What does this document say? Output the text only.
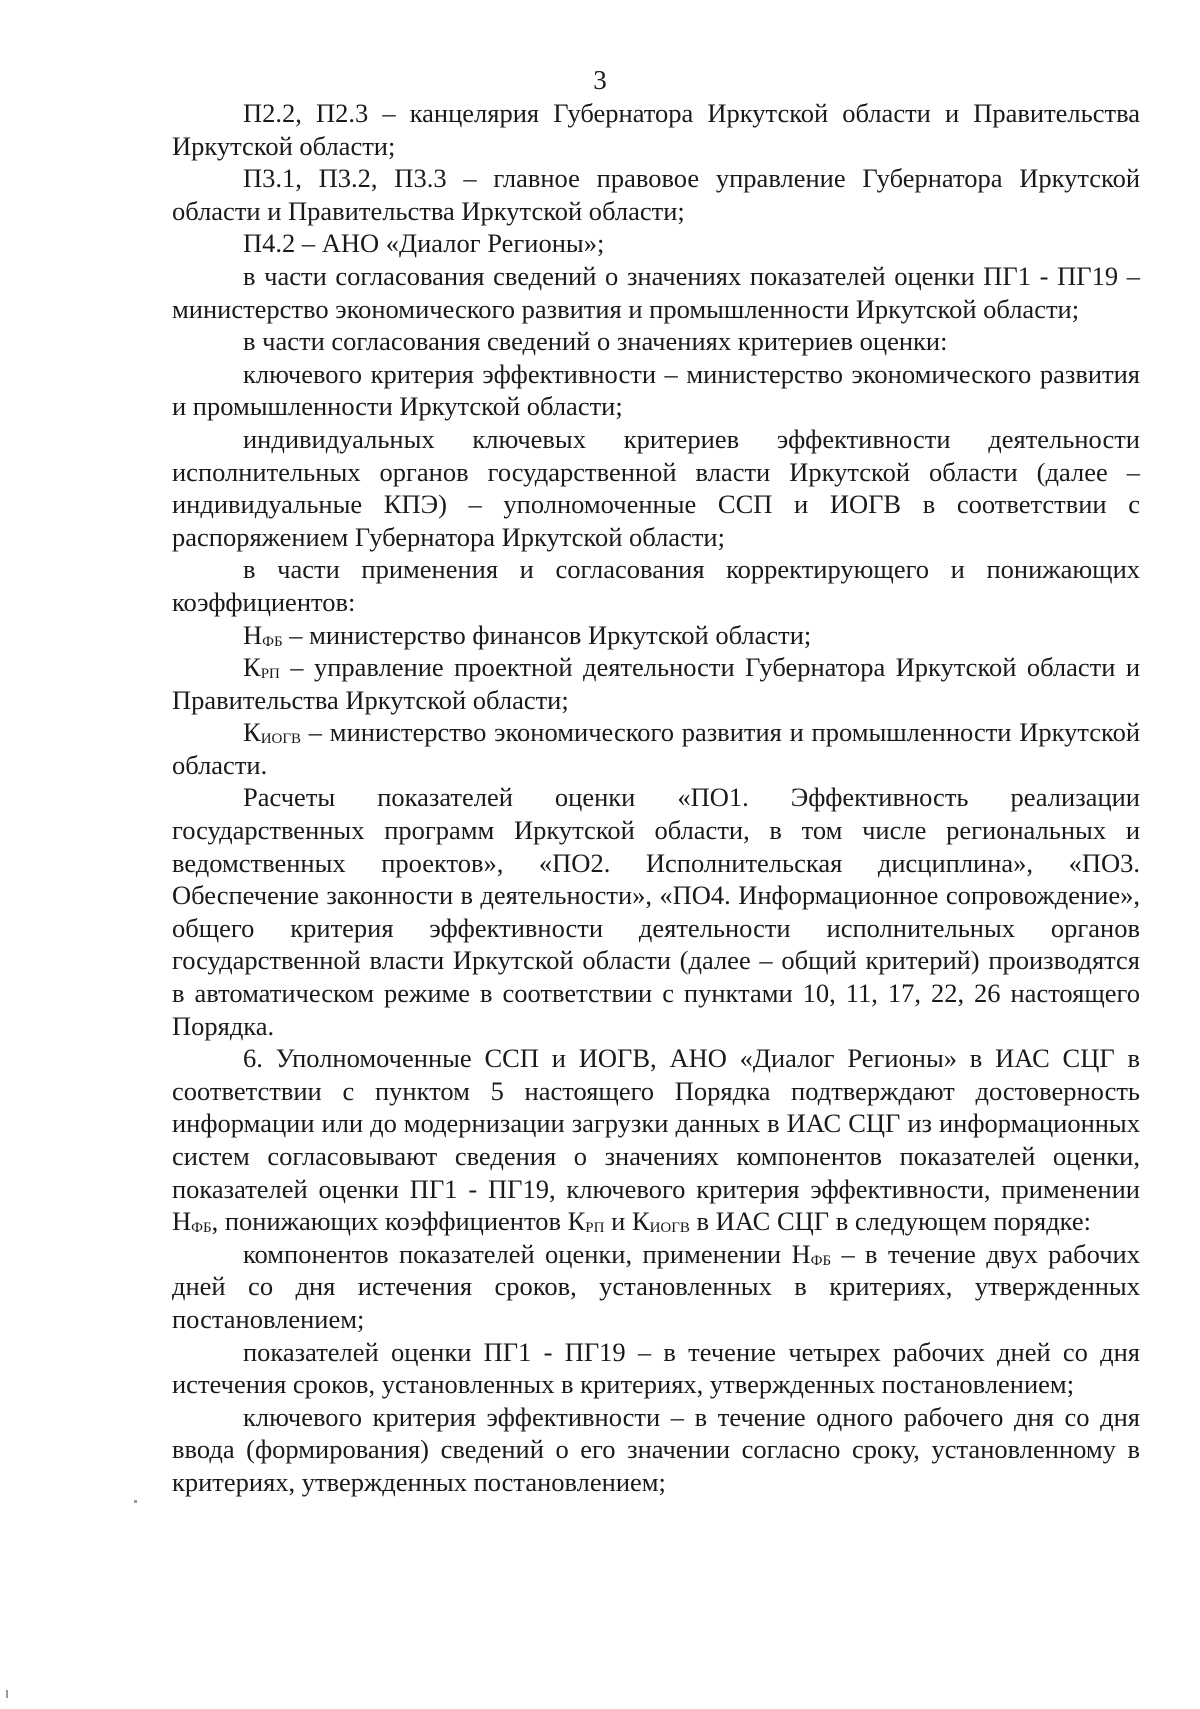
3

П2.2, П2.3 – канцелярия Губернатора Иркутской области и Правительства Иркутской области;

П3.1, П3.2, П3.3 – главное правовое управление Губернатора Иркутской области и Правительства Иркутской области;

П4.2 – АНО «Диалог Регионы»;

в части согласования сведений о значениях показателей оценки ПГ1 - ПГ19 – министерство экономического развития и промышленности Иркутской области;

в части согласования сведений о значениях критериев оценки:

ключевого критерия эффективности – министерство экономического развития и промышленности Иркутской области;

индивидуальных ключевых критериев эффективности деятельности исполнительных органов государственной власти Иркутской области (далее – индивидуальные КПЭ) – уполномоченные ССП и ИОГВ в соответствии с распоряжением Губернатора Иркутской области;

в части применения и согласования корректирующего и понижающих коэффициентов:

$Н_{ФБ}$ – министерство финансов Иркутской области;

$К_{РП}$ – управление проектной деятельности Губернатора Иркутской области и Правительства Иркутской области;

$К_{ИОГВ}$ – министерство экономического развития и промышленности Иркутской области.

Расчеты показателей оценки «ПО1. Эффективность реализации государственных программ Иркутской области, в том числе региональных и ведомственных проектов», «ПО2. Исполнительская дисциплина», «ПО3. Обеспечение законности в деятельности», «ПО4. Информационное сопровождение», общего критерия эффективности деятельности исполнительных органов государственной власти Иркутской области (далее – общий критерий) производятся в автоматическом режиме в соответствии с пунктами 10, 11, 17, 22, 26 настоящего Порядка.

6. Уполномоченные ССП и ИОГВ, АНО «Диалог Регионы» в ИАС СЦГ в соответствии с пунктом 5 настоящего Порядка подтверждают достоверность информации или до модернизации загрузки данных в ИАС СЦГ из информационных систем согласовывают сведения о значениях компонентов показателей оценки, показателей оценки ПГ1 - ПГ19, ключевого критерия эффективности, применении $Н_{ФБ}$, понижающих коэффициентов $К_{РП}$ и $К_{ИОГВ}$ в ИАС СЦГ в следующем порядке:

компонентов показателей оценки, применении $Н_{ФБ}$ – в течение двух рабочих дней со дня истечения сроков, установленных в критериях, утвержденных постановлением;

показателей оценки ПГ1 - ПГ19 – в течение четырех рабочих дней со дня истечения сроков, установленных в критериях, утвержденных постановлением;

ключевого критерия эффективности – в течение одного рабочего дня со дня ввода (формирования) сведений о его значении согласно сроку, установленному в критериях, утвержденных постановлением;
